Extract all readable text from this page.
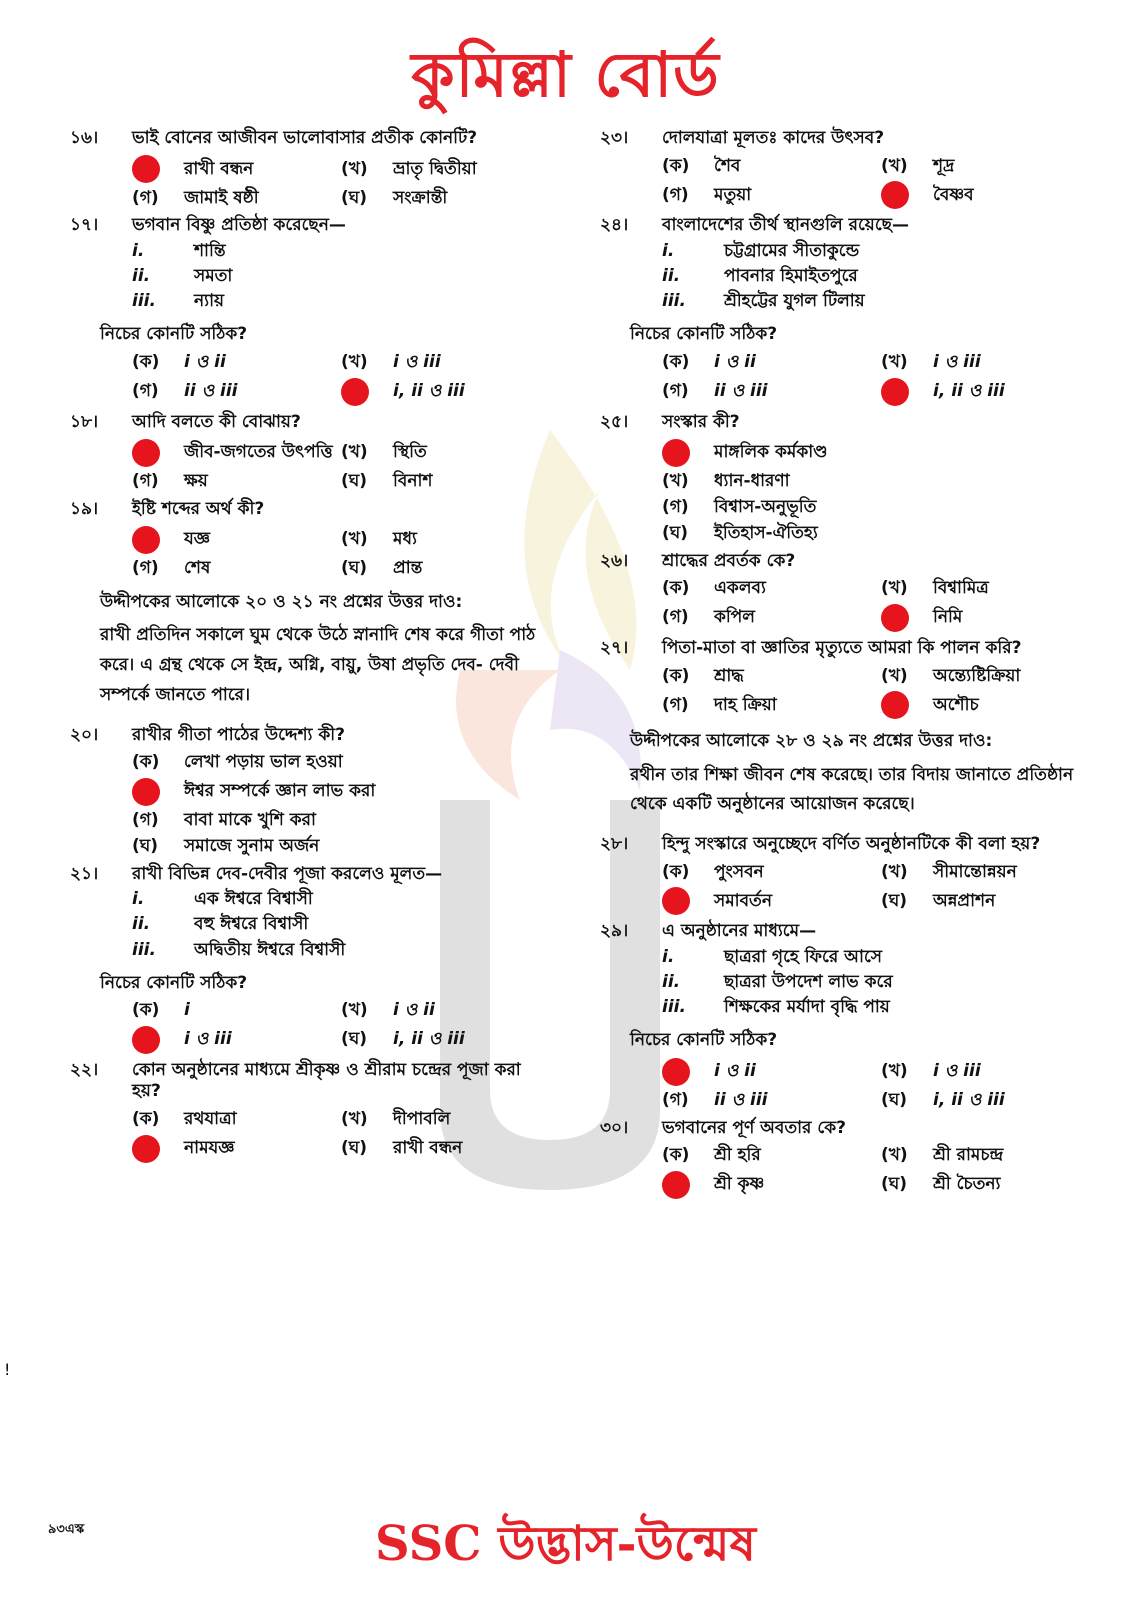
কুমিল্লা বোর্ড
১৬।	ভাই বোনের আজীবন ভালোবাসার প্রতীক কোনটি?
রাখী বন্ধন	(খ)	ভ্রাতৃ দ্বিতীয়া
(গ)	জামাই ষষ্ঠী	(ঘ)	সংক্রান্তী
১৭।	ভগবান বিষ্ণু প্রতিষ্ঠা করেছেন—
i.	শান্তি
ii.	সমতা
iii.	ন্যায়
নিচের কোনটি সঠিক?
(ক)	i ও ii	(খ)	i ও iii
(গ)	ii ও iii	i, ii ও iii
১৮।	আদি বলতে কী বোঝায়?
জীব-জগতের উৎপত্তি (খ)	স্থিতি
(গ)	ক্ষয়	(ঘ)	বিনাশ
১৯।	ইষ্টি শব্দের অর্থ কী?
যজ্ঞ	(খ)	মধ্য
(গ)	শেষ	(ঘ)	প্রান্ত
উদ্দীপকের আলোকে ২০ ও ২১ নং প্রশ্নের উত্তর দাও:
রাখী প্রতিদিন সকালে ঘুম থেকে উঠে স্নানাদি শেষ করে গীতা পাঠ করে। এ গ্রন্থ থেকে সে ইন্দ্র, অগ্নি, বায়ু, উষা প্রভৃতি দেব- দেবী সম্পর্কে জানতে পারে।
২০।	রাখীর গীতা পাঠের উদ্দেশ্য কী?
(ক)	লেখা পড়ায় ভাল হওয়া
ঈশ্বর সম্পর্কে জ্ঞান লাভ করা
(গ)	বাবা মাকে খুশি করা
(ঘ)	সমাজে সুনাম অর্জন
২১।	রাখী বিভিন্ন দেব-দেবীর পূজা করলেও মূলত—
i.	এক ঈশ্বরে বিশ্বাসী
ii.	বহু ঈশ্বরে বিশ্বাসী
iii.	অদ্বিতীয় ঈশ্বরে বিশ্বাসী
নিচের কোনটি সঠিক?
(ক)	i	(খ)	i ও ii
i ও iii	(ঘ)	i, ii ও iii
২২।	কোন অনুষ্ঠানের মাধ্যমে শ্রীকৃষ্ণ ও শ্রীরাম চন্দ্রের পূজা করা হয়?
(ক)	রথযাত্রা	(খ)	দীপাবলি
নামযজ্ঞ	(ঘ)	রাখী বন্ধন
২৩।	দোলযাত্রা মূলতঃ কাদের উৎসব?
(ক)	শৈব	(খ)	শূদ্র
(গ)	মতুয়া	বৈষ্ণব
২৪।	বাংলাদেশের তীর্থ স্থানগুলি রয়েছে—
i.	চট্টগ্রামের সীতাকুন্ডে
ii.	পাবনার হিমাইতপুরে
iii.	শ্রীহট্টের যুগল টিলায়
নিচের কোনটি সঠিক?
(ক)	i ও ii	(খ)	i ও iii
(গ)	ii ও iii	i, ii ও iii
২৫।	সংস্কার কী?
মাঙ্গলিক কর্মকাণ্ড
(খ)	ধ্যান-ধারণা
(গ)	বিশ্বাস-অনুভূতি
(ঘ)	ইতিহাস-ঐতিহ্য
২৬।	শ্রাদ্ধের প্রবর্তক কে?
(ক)	একলব্য	(খ)	বিশ্বামিত্র
(গ)	কপিল	নিমি
২৭।	পিতা-মাতা বা জ্ঞাতির মৃত্যুতে আমরা কি পালন করি?
(ক)	শ্রাদ্ধ	(খ)	অন্ত্যেষ্টিক্রিয়া
(গ)	দাহ ক্রিয়া	অশৌচ
উদ্দীপকের আলোকে ২৮ ও ২৯ নং প্রশ্নের উত্তর দাও:
রথীন তার শিক্ষা জীবন শেষ করেছে। তার বিদায় জানাতে প্রতিষ্ঠান থেকে একটি অনুষ্ঠানের আয়োজন করেছে।
২৮।	হিন্দু সংস্কারে অনুচ্ছেদে বর্ণিত অনুষ্ঠানটিকে কী বলা হয়?
(ক)	পুংসবন	(খ)	সীমান্তোন্নয়ন
সমাবর্তন	(ঘ)	অন্নপ্রাশন
২৯।	এ অনুষ্ঠানের মাধ্যমে—
i.	ছাত্ররা গৃহে ফিরে আসে
ii.	ছাত্ররা উপদেশ লাভ করে
iii.	শিক্ষকের মর্যাদা বৃদ্ধি পায়
নিচের কোনটি সঠিক?
i ও ii	(খ)	i ও iii
(গ)	ii ও iii	(ঘ)	i, ii ও iii
৩০।	ভগবানের পূর্ণ অবতার কে?
(ক)	শ্রী হরি	(খ)	শ্রী রামচন্দ্র
শ্রী কৃষ্ণ	(ঘ)	শ্রী চৈতন্য
!
৯৩এস্ক	SSC উদ্ভাস-উন্মেষ
